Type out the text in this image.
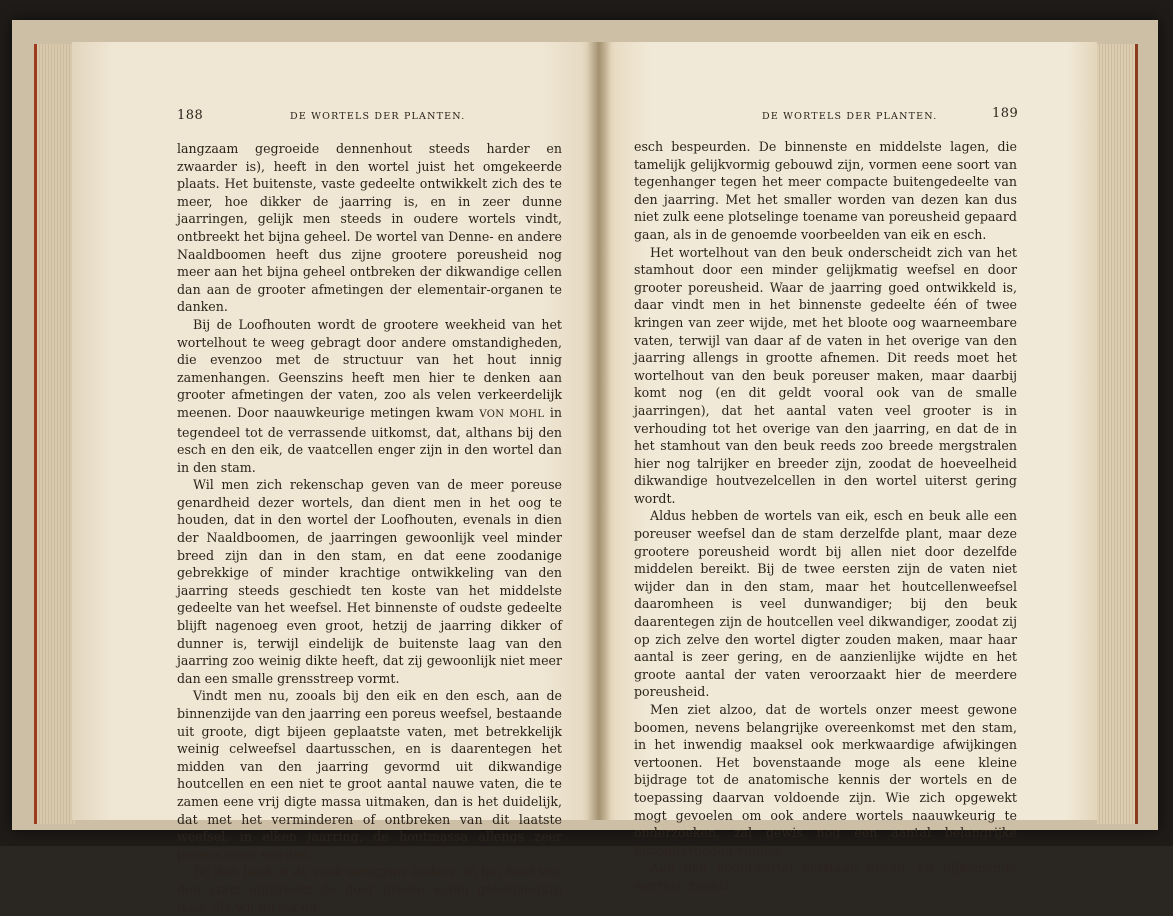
188	DE WORTELS DER PLANTEN.

langzaam gegroeide dennenhout steeds harder en zwaarder is), heeft in den wortel juist het omgekeerde plaats. Het buitenste, vaste gedeelte ontwikkelt zich des te meer, hoe dikker de jaarring is, en in zeer dunne jaarringen, gelijk men steeds in oudere wortels vindt, ontbreekt het bijna geheel. De wortel van Denne- en andere Naaldboomen heeft dus zijne grootere poreusheid nog meer aan het bijna geheel ontbreken der dikwandige cellen dan aan de grooter afmetingen der elementair-organen te danken.

Bij de Loofhouten wordt de grootere weekheid van het wortelhout te weeg gebragt door andere omstandigheden, die evenzoo met de structuur van het hout innig zamenhangen. Geenszins heeft men hier te denken aan grooter afmetingen der vaten, zoo als velen verkeerdelijk meenen. Door naauwkeurige metingen kwam VON MOHL in tegendeel tot de verrassende uitkomst, dat, althans bij den esch en den eik, de vaatcellen enger zijn in den wortel dan in den stam.

Wil men zich rekenschap geven van de meer poreuse genardheid dezer wortels, dan dient men in het oog te houden, dat in den wortel der Loofhouten, evenals in dien der Naaldboomen, de jaarringen gewoonlijk veel minder breed zijn dan in den stam, en dat eene zoodanige gebrekkige of minder krachtige ontwikkeling van den jaarring steeds geschiedt ten koste van het middelste gedeelte van het weefsel. Het binnenste of oudste gedeelte blijft nagenoeg even groot, hetzij de jaarring dikker of dunner is, terwijl eindelijk de buitenste laag van den jaarring zoo weinig dikte heeft, dat zij gewoonlijk niet meer dan een smalle grensstreep vormt.

Vindt men nu, zooals bij den eik en den esch, aan de binnenzijde van den jaarring een poreus weefsel, bestaande uit groote, digt bijeen geplaatste vaten, met betrekkelijk weinig celweefsel daartusschen, en is daarentegen het midden van den jaarring gevormd uit dikwandige houtcellen en een niet te groot aantal nauwe vaten, die te zamen eene vrij digte massa uitmaken, dan is het duidelijk, dat met het verminderen of ontbreken van dit laatste weefsel, in elken jaarring, de houtmassa allengs zeer poreus moet worden.

Bij den beuk is de zaak eenigzins anders. In het hout van den stam ontbreekt de door groote vaten gekenmerkte laag, die wij bij eik en

DE WORTELS DER PLANTEN.	189

esch bespeurden. De binnenste en middelste lagen, die tamelijk gelijkvormig gebouwd zijn, vormen eene soort van tegenhanger tegen het meer compacte buitengedeelte van den jaarring. Met het smaller worden van dezen kan dus niet zulk eene plotselinge toename van poreusheid gepaard gaan, als in de genoemde voorbeelden van eik en esch.

Het wortelhout van den beuk onderscheidt zich van het stamhout door een minder gelijkmatig weefsel en door grooter poreusheid. Waar de jaarring goed ontwikkeld is, daar vindt men in het binnenste gedeelte één of twee kringen van zeer wijde, met het bloote oog waarneembare vaten, terwijl van daar af de vaten in het overige van den jaarring allengs in grootte afnemen. Dit reeds moet het wortelhout van den beuk poreuser maken, maar daarbij komt nog (en dit geldt vooral ook van de smalle jaarringen), dat het aantal vaten veel grooter is in verhouding tot het overige van den jaarring, en dat de in het stamhout van den beuk reeds zoo breede mergstralen hier nog talrijker en breeder zijn, zoodat de hoeveelheid dikwandige houtvezelcellen in den wortel uiterst gering wordt.

Aldus hebben de wortels van eik, esch en beuk alle een poreuser weefsel dan de stam derzelfde plant, maar deze grootere poreusheid wordt bij allen niet door dezelfde middelen bereikt. Bij de twee eersten zijn de vaten niet wijder dan in den stam, maar het houtcellenweefsel daaromheen is veel dunwandiger; bij den beuk daarentegen zijn de houtcellen veel dikwandiger, zoodat zij op zich zelve den wortel digter zouden maken, maar haar aantal is zeer gering, en de aanzienlijke wijdte en het groote aantal der vaten veroorzaakt hier de meerdere poreusheid.

Men ziet alzoo, dat de wortels onzer meest gewone boomen, nevens belangrijke overeenkomst met den stam, in het inwendig maaksel ook merkwaardige afwijkingen vertoonen. Het bovenstaande moge als eene kleine bijdrage tot de anatomische kennis der wortels en de toepassing daarvan voldoende zijn. Wie zich opgewekt mogt gevoelen om ook andere wortels naauwkeurig te onderzoeken, zal gewis nog een aantal belangrijke bijzonderheden vinden.

Aan den hoofdwortel ontstaan neven- en bijkomende wortels, zooals
